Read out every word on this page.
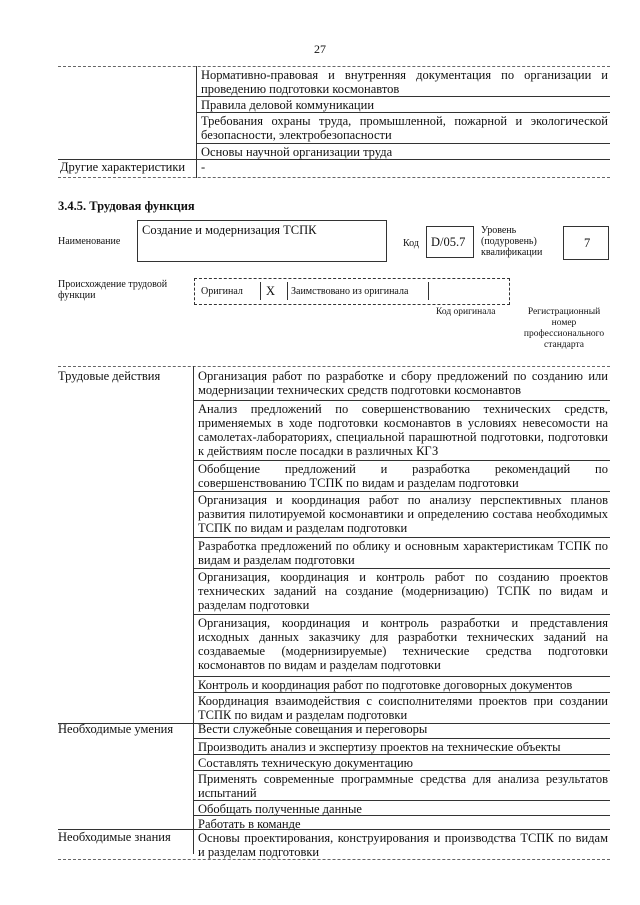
27
Нормативно-правовая и внутренняя документация по организации и проведению подготовки космонавтов
Правила деловой коммуникации
Требования охраны труда, промышленной, пожарной и экологической безопасности, электробезопасности
Основы научной организации труда
Другие характеристики	-
3.4.5. Трудовая функция
Наименование
Создание и модернизация ТСПК
Код D/05.7
Уровень (подуровень) квалификации
7
Происхождение трудовой функции	Оригинал X Заимствовано из оригинала
Код оригинала	Регистрационный номер профессионального стандарта
Трудовые действия	Организация работ по разработке и сбору предложений по созданию или модернизации технических средств подготовки космонавтов
Анализ предложений по совершенствованию технических средств, применяемых в ходе подготовки космонавтов в условиях невесомости на самолетах-лабораториях, специальной парашютной подготовки, подготовки к действиям после посадки в различных КГЗ
Обобщение предложений и разработка рекомендаций по совершенствованию ТСПК по видам и разделам подготовки
Организация и координация работ по анализу перспективных планов развития пилотируемой космонавтики и определению состава необходимых ТСПК по видам и разделам подготовки
Разработка предложений по облику и основным характеристикам ТСПК по видам и разделам подготовки
Организация, координация и контроль работ по созданию проектов технических заданий на создание (модернизацию) ТСПК по видам и разделам подготовки
Организация, координация и контроль разработки и представления исходных данных заказчику для разработки технических заданий на создаваемые (модернизируемые) технические средства подготовки космонавтов по видам и разделам подготовки
Контроль и координация работ по подготовке договорных документов
Координация взаимодействия с соисполнителями проектов при создании ТСПК по видам и разделам подготовки
Необходимые умения	Вести служебные совещания и переговоры
Производить анализ и экспертизу проектов на технические объекты
Составлять техническую документацию
Применять современные программные средства для анализа результатов испытаний
Обобщать полученные данные
Работать в команде
Необходимые знания	Основы проектирования, конструирования и производства ТСПК по видам и разделам подготовки
